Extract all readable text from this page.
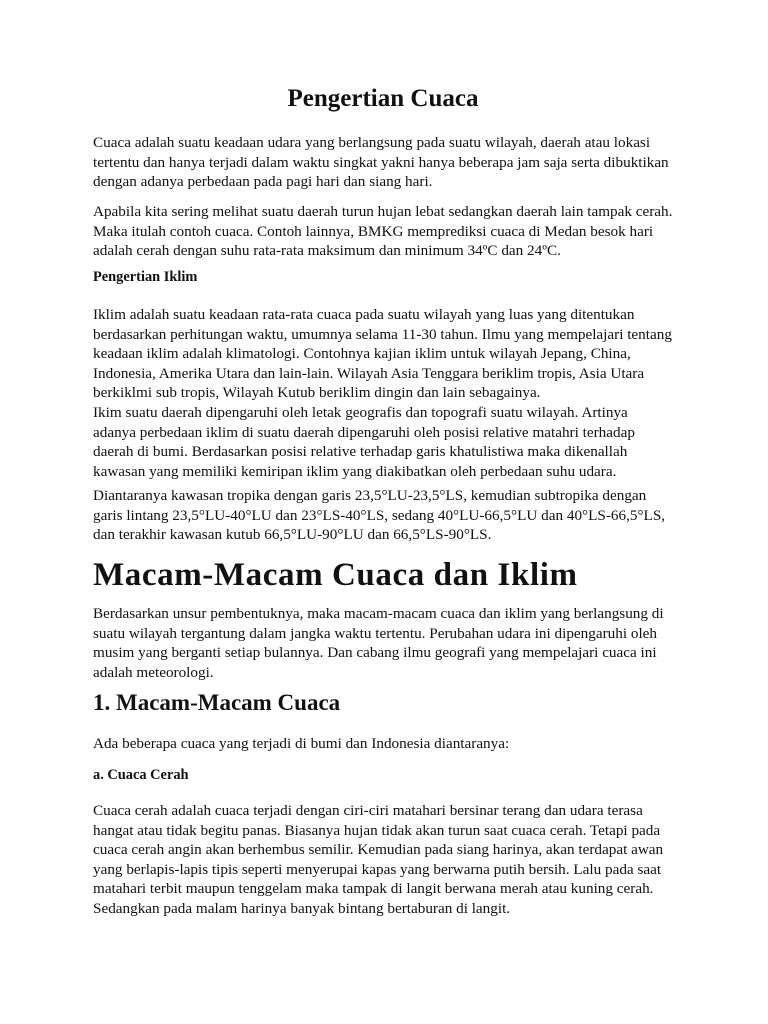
Pengertian Cuaca

Cuaca adalah suatu keadaan udara yang berlangsung pada suatu wilayah, daerah atau lokasi tertentu dan hanya terjadi dalam waktu singkat yakni hanya beberapa jam saja serta dibuktikan dengan adanya perbedaan pada pagi hari dan siang hari.

Apabila kita sering melihat suatu daerah turun hujan lebat sedangkan daerah lain tampak cerah. Maka itulah contoh cuaca. Contoh lainnya, BMKG memprediksi cuaca di Medan besok hari adalah cerah dengan suhu rata-rata maksimum dan minimum 34ºC dan 24ºC.

Pengertian Iklim

Iklim adalah suatu keadaan rata-rata cuaca pada suatu wilayah yang luas yang ditentukan berdasarkan perhitungan waktu, umumnya selama 11-30 tahun. Ilmu yang mempelajari tentang keadaan iklim adalah klimatologi. Contohnya kajian iklim untuk wilayah Jepang, China, Indonesia, Amerika Utara dan lain-lain. Wilayah Asia Tenggara beriklim tropis, Asia Utara berkiklmi sub tropis, Wilayah Kutub beriklim dingin dan lain sebagainya.

Ikim suatu daerah dipengaruhi oleh letak geografis dan topografi suatu wilayah. Artinya adanya perbedaan iklim di suatu daerah dipengaruhi oleh posisi relative matahri terhadap daerah di bumi. Berdasarkan posisi relative terhadap garis khatulistiwa maka dikenallah kawasan yang memiliki kemiripan iklim yang diakibatkan oleh perbedaan suhu udara.

Diantaranya kawasan tropika dengan garis 23,5°LU-23,5°LS, kemudian subtropika dengan garis lintang 23,5°LU-40°LU dan 23°LS-40°LS, sedang 40°LU-66,5°LU dan 40°LS-66,5°LS, dan terakhir kawasan kutub 66,5°LU-90°LU dan 66,5°LS-90°LS.

Macam-Macam Cuaca dan Iklim

Berdasarkan unsur pembentuknya, maka macam-macam cuaca dan iklim yang berlangsung di suatu wilayah tergantung dalam jangka waktu tertentu. Perubahan udara ini dipengaruhi oleh musim yang berganti setiap bulannya. Dan cabang ilmu geografi yang mempelajari cuaca ini adalah meteorologi.

1. Macam-Macam Cuaca

Ada beberapa cuaca yang terjadi di bumi dan Indonesia diantaranya:

a. Cuaca Cerah

Cuaca cerah adalah cuaca terjadi dengan ciri-ciri matahari bersinar terang dan udara terasa hangat atau tidak begitu panas. Biasanya hujan tidak akan turun saat cuaca cerah. Tetapi pada cuaca cerah angin akan berhembus semilir. Kemudian pada siang harinya, akan terdapat awan yang berlapis-lapis tipis seperti menyerupai kapas yang berwarna putih bersih. Lalu pada saat matahari terbit maupun tenggelam maka tampak di langit berwana merah atau kuning cerah. Sedangkan pada malam harinya banyak bintang bertaburan di langit.
